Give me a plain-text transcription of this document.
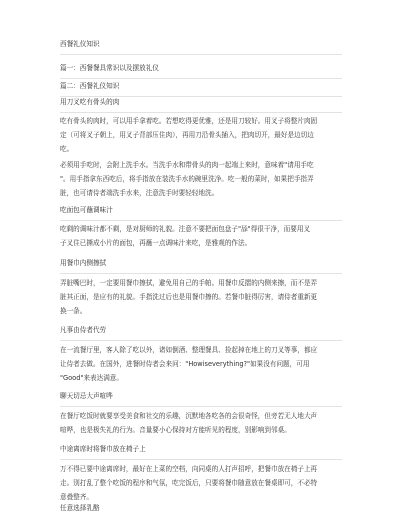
西餐礼仪知识

篇一：西餐餐具常识以及摆放礼仪

篇二：西餐礼仪知识

用刀叉吃有骨头的肉

吃有骨头的肉时，可以用手拿着吃。若想吃得更优雅，还是用刀较好。用叉子将整片肉固
定（可将叉子朝上，用叉子背部压住肉），再用刀沿骨头插入，把肉切开，最好是边切边
吃。
必须用手吃时，会附上洗手水。当洗手水和带骨头的肉一起端上来时，意味着"请用手吃
"。用手指拿东西吃后，将手指放在装洗手水的碗里洗净。吃一般的菜时，如果把手指弄
脏，也可请侍者端洗手水来，注意洗手时要轻轻地洗。

吃面包可蘸调味汁

吃剩的调味汁都不剩，是对厨师的礼貌。注意不要把面包盘子"舔"得很干净，而要用叉
子叉住已撕成小片的面包，再蘸一点调味汁来吃，是雅观的作法。

用餐巾内侧擦拭

弄脏嘴巴时，一定要用餐巾擦拭，避免用自己的手帕。用餐巾反摺的内侧来擦，而不是弄
脏其正面，是应有的礼貌。手指洗过后也是用餐巾擦的。若餐巾脏得厉害，请侍者重新更
换一条。

凡事由侍者代劳

在一流餐厅里，客人除了吃以外，诸如倒酒、整理餐具、捡起掉在地上的刀叉等事，都应
让侍者去做。在国外，进餐时侍者会来问："Howiseverything?"如果没有问题，可用
"Good"来表达满意。

聊天切忌大声喧哗

在餐厅吃饭时就要享受美食和社交的乐趣，沉默地各吃各的会很奇怪，但旁若无人地大声
喧哗，也是极失礼的行为。音量要小心保持对方能听见的程度，别影响到邻桌。

中途离席时将餐巾放在椅子上

万不得已要中途离席时，最好在上菜的空档，向同桌的人打声招呼，把餐巾放在椅子上再
走。别打乱了整个吃饭的程序和气氛，吃完饭后，只要将餐巾随意放在餐桌即可，不必特
意叠整齐。

任意选择乳酪
